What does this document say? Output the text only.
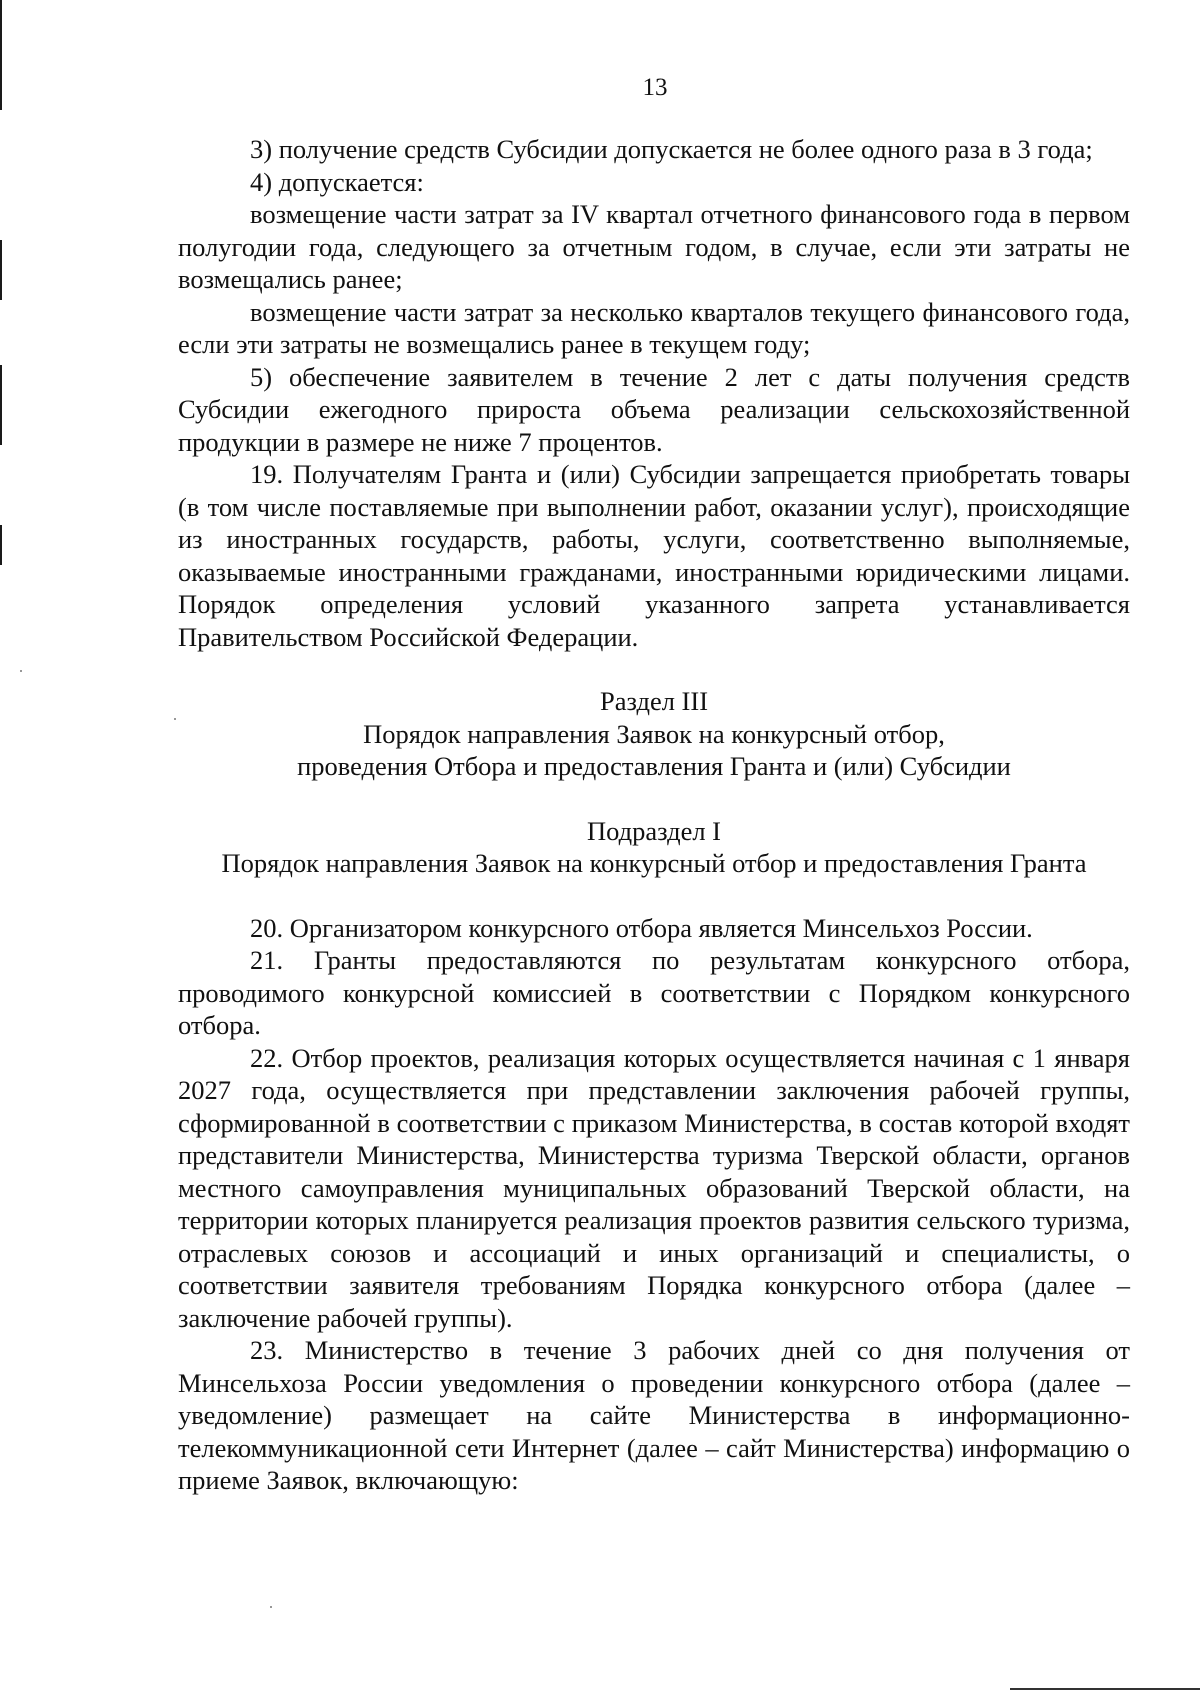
13

3) получение средств Субсидии допускается не более одного раза в 3 года;

4) допускается:

возмещение части затрат за IV квартал отчетного финансового года в первом полугодии года, следующего за отчетным годом, в случае, если эти затраты не возмещались ранее;

возмещение части затрат за несколько кварталов текущего финансового года, если эти затраты не возмещались ранее в текущем году;

5) обеспечение заявителем в течение 2 лет с даты получения средств Субсидии ежегодного прироста объема реализации сельскохозяйственной продукции в размере не ниже 7 процентов.

19. Получателям Гранта и (или) Субсидии запрещается приобретать товары (в том числе поставляемые при выполнении работ, оказании услуг), происходящие из иностранных государств, работы, услуги, соответственно выполняемые, оказываемые иностранными гражданами, иностранными юридическими лицами. Порядок определения условий указанного запрета устанавливается Правительством Российской Федерации.

Раздел III
Порядок направления Заявок на конкурсный отбор,
проведения Отбора и предоставления Гранта и (или) Субсидии
Подраздел I
Порядок направления Заявок на конкурсный отбор и предоставления Гранта

20. Организатором конкурсного отбора является Минсельхоз России.

21. Гранты предоставляются по результатам конкурсного отбора, проводимого конкурсной комиссией в соответствии с Порядком конкурсного отбора.

22. Отбор проектов, реализация которых осуществляется начиная с 1 января 2027 года, осуществляется при представлении заключения рабочей группы, сформированной в соответствии с приказом Министерства, в состав которой входят представители Министерства, Министерства туризма Тверской области, органов местного самоуправления муниципальных образований Тверской области, на территории которых планируется реализация проектов развития сельского туризма, отраслевых союзов и ассоциаций и иных организаций и специалисты, о соответствии заявителя требованиям Порядка конкурсного отбора (далее – заключение рабочей группы).

23. Министерство в течение 3 рабочих дней со дня получения от Минсельхоза России уведомления о проведении конкурсного отбора (далее – уведомление) размещает на сайте Министерства в информационно-телекоммуникационной сети Интернет (далее – сайт Министерства) информацию о приеме Заявок, включающую:
